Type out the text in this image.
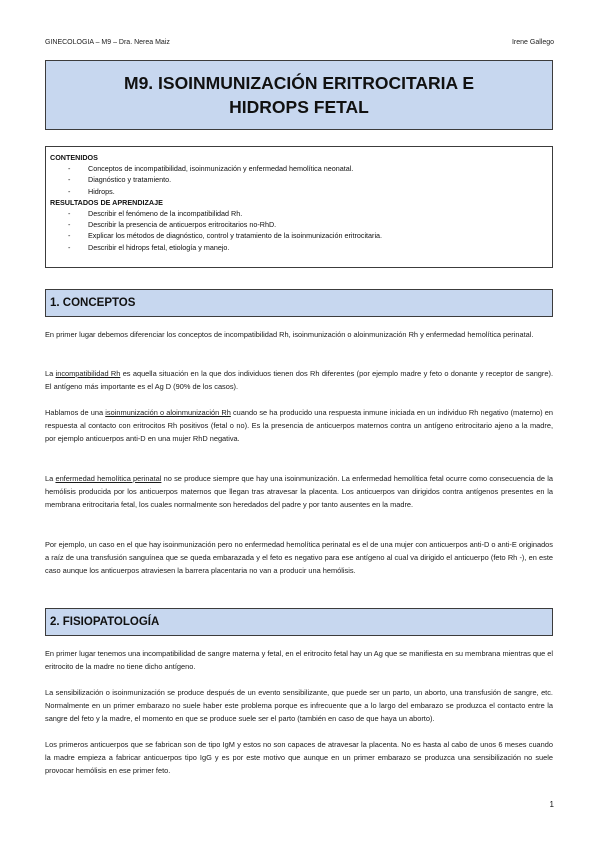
GINECOLOGIA – M9 – Dra. Nerea Maiz	Irene Gallego
M9. ISOINMUNIZACIÓN ERITROCITARIA E
HIDROPS FETAL
CONTENIDOS
-	Conceptos de incompatibilidad, isoinmunización y enfermedad hemolítica neonatal.
-	Diagnóstico y tratamiento.
-	Hidrops.
RESULTADOS DE APRENDIZAJE
-	Describir el fenómeno de la incompatibilidad Rh.
-	Describir la presencia de anticuerpos eritrocitarios no-RhD.
-	Explicar los métodos de diagnóstico, control y tratamiento de la isoinmunización eritrocitaria.
-	Describir el hidrops fetal, etiología y manejo.
1. CONCEPTOS
En primer lugar debemos diferenciar los conceptos de incompatibilidad Rh, isoinmunización o aloinmunización Rh y enfermedad hemolítica perinatal.
La incompatibilidad Rh es aquella situación en la que dos individuos tienen dos Rh diferentes (por ejemplo madre y feto o donante y receptor de sangre). El antígeno más importante es el Ag D (90% de los casos).
Hablamos de una isoinmunización o aloinmunización Rh cuando se ha producido una respuesta inmune iniciada en un individuo Rh negativo (materno) en respuesta al contacto con eritrocitos Rh positivos (fetal o no). Es la presencia de anticuerpos maternos contra un antígeno eritrocitario ajeno a la madre, por ejemplo anticuerpos anti-D en una mujer RhD negativa.
La enfermedad hemolítica perinatal no se produce siempre que hay una isoinmunización. La enfermedad hemolítica fetal ocurre como consecuencia de la hemólisis producida por los anticuerpos maternos que llegan tras atravesar la placenta. Los anticuerpos van dirigidos contra antígenos presentes en la membrana eritrocitaria fetal, los cuales normalmente son heredados del padre y por tanto ausentes en la madre.
Por ejemplo, un caso en el que hay isoinmunización pero no enfermedad hemolítica perinatal es el de una mujer con anticuerpos anti-D o anti-E originados a raíz de una transfusión sanguínea que se queda embarazada y el feto es negativo para ese antígeno al cual va dirigido el anticuerpo (feto Rh -), en este caso aunque los anticuerpos atraviesen la barrera placentaria no van a producir una hemólisis.
2. FISIOPATOLOGÍA
En primer lugar tenemos una incompatibilidad de sangre materna y fetal, en el eritrocito fetal hay un Ag que se manifiesta en su membrana mientras que el eritrocito de la madre no tiene dicho antígeno.
La sensibilización o isoinmunización se produce después de un evento sensibilizante, que puede ser un parto, un aborto, una transfusión de sangre, etc. Normalmente en un primer embarazo no suele haber este problema porque es infrecuente que a lo largo del embarazo se produzca el contacto entre la sangre del feto y la madre, el momento en que se produce suele ser el parto (también en caso de que haya un aborto).
Los primeros anticuerpos que se fabrican son de tipo IgM y estos no son capaces de atravesar la placenta. No es hasta al cabo de unos 6 meses cuando la madre empieza a fabricar anticuerpos tipo IgG y es por este motivo que aunque en un primer embarazo se produzca una sensibilización no suele provocar hemólisis en ese primer feto.
1
